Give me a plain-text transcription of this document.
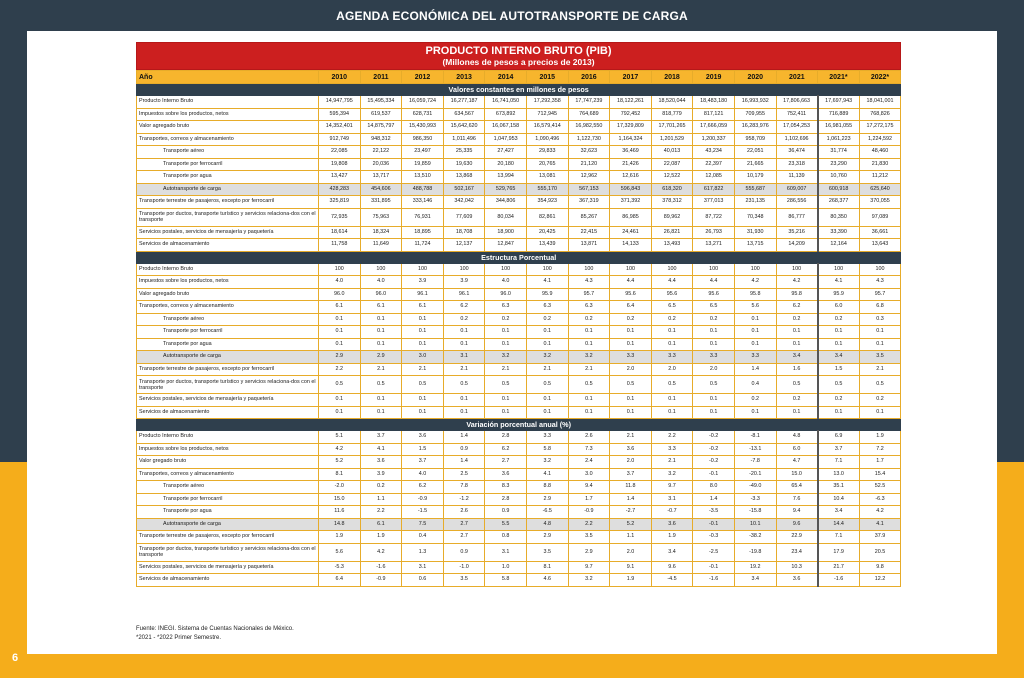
AGENDA ECONÓMICA DEL AUTOTRANSPORTE DE CARGA
PRODUCTO INTERNO BRUTO (PIB)
(Millones de pesos a precios de 2013)
Año	2010	2011	2012	2013	2014	2015	2016	2017	2018	2019	2020	2021	2021*	2022*
Valores constantes en millones de pesos														
Producto Interno Bruto	14,947,795	15,495,334	16,059,724	16,277,187	16,741,050	17,292,358	17,747,239	18,122,261	18,520,044	18,483,180	16,993,932	17,806,663	17,697,943	18,041,001
Impuestos sobre los productos, netos	595,394	619,537	628,731	634,567	673,892	712,945	764,689	792,452	818,779	817,121	709,955	752,411	716,889	768,826
Valor agregado bruto	14,352,401	14,875,797	15,430,993	15,642,620	16,067,158	16,579,414	16,982,550	17,329,809	17,701,265	17,666,059	16,283,976	17,054,253	16,981,055	17,272,175
Transportes, correos y almacenamiento	912,749	948,312	986,350	1,011,496	1,047,953	1,090,496	1,122,730	1,164,324	1,201,529	1,200,337	958,709	1,102,696	1,061,223	1,224,592
Transporte aéreo	22,085	22,122	23,497	25,335	27,427	29,833	32,623	36,469	40,013	43,234	22,051	36,474	31,774	48,460
Transporte por ferrocarril	19,808	20,036	19,859	19,630	20,180	20,765	21,120	21,426	22,087	22,397	21,665	23,318	23,290	21,830
Transporte por agua	13,427	13,717	13,510	13,868	13,994	13,081	12,962	12,616	12,522	12,085	10,179	11,139	10,760	11,212
Autotransporte de carga	428,283	454,606	488,788	502,167	529,765	555,170	567,153	596,843	618,320	617,822	555,687	609,007	600,918	625,640
Transporte terrestre de pasajeros, excepto por ferrocarril	325,819	331,895	333,146	342,042	344,806	354,923	367,319	371,392	378,312	377,013	231,135	286,556	268,377	370,055
Transporte por ductos, transporte turístico y servicios relaciona-dos con el transporte	72,935	75,963	76,931	77,609	80,034	82,861	85,267	86,985	89,962	87,722	70,348	86,777	80,350	97,089
Servicios postales, servicios de mensajería y paquetería	18,614	18,324	18,895	18,708	18,900	20,425	22,415	24,461	26,821	26,793	31,930	35,216	33,390	36,661
Servicios de almacenamiento	11,758	11,649	11,724	12,137	12,847	13,439	13,871	14,133	13,493	13,271	13,715	14,209	12,164	13,643
Estructura Porcentual														
Producto Interno Bruto	100	100	100	100	100	100	100	100	100	100	100	100	100	100
Impuestos sobre los productos, netos	4.0	4.0	3.9	3.9	4.0	4.1	4.3	4.4	4.4	4.4	4.2	4.2	4.1	4.3
Valor agregado bruto	96.0	96.0	96.1	96.1	96.0	95.9	95.7	95.6	95.6	95.6	95.8	95.8	95.9	95.7
Transportes, correos y almacenamiento	6.1	6.1	6.1	6.2	6.3	6.3	6.3	6.4	6.5	6.5	5.6	6.2	6.0	6.8
Transporte aéreo	0.1	0.1	0.1	0.2	0.2	0.2	0.2	0.2	0.2	0.2	0.1	0.2	0.2	0.3
Transporte por ferrocarril	0.1	0.1	0.1	0.1	0.1	0.1	0.1	0.1	0.1	0.1	0.1	0.1	0.1	0.1
Transporte por agua	0.1	0.1	0.1	0.1	0.1	0.1	0.1	0.1	0.1	0.1	0.1	0.1	0.1	0.1
Autotransporte de carga	2.9	2.9	3.0	3.1	3.2	3.2	3.2	3.3	3.3	3.3	3.3	3.4	3.4	3.5
Transporte terrestre de pasajeros, excepto por ferrocarril	2.2	2.1	2.1	2.1	2.1	2.1	2.1	2.0	2.0	2.0	1.4	1.6	1.5	2.1
Transporte por ductos, transporte turístico y servicios relaciona-dos con el transporte	0.5	0.5	0.5	0.5	0.5	0.5	0.5	0.5	0.5	0.5	0.4	0.5	0.5	0.5
Servicios postales, servicios de mensajería y paquetería	0.1	0.1	0.1	0.1	0.1	0.1	0.1	0.1	0.1	0.1	0.2	0.2	0.2	0.2
Servicios de almacenamiento	0.1	0.1	0.1	0.1	0.1	0.1	0.1	0.1	0.1	0.1	0.1	0.1	0.1	0.1
Variación porcentual anual (%)														
Producto Interno Bruto	5.1	3.7	3.6	1.4	2.8	3.3	2.6	2.1	2.2	-0.2	-8.1	4.8	6.9	1.9
Impuestos sobre los productos, netos	4.2	4.1	1.5	0.9	6.2	5.8	7.3	3.6	3.3	-0.2	-13.1	6.0	3.7	7.2
Valor gregado bruto	5.2	3.6	3.7	1.4	2.7	3.2	2.4	2.0	2.1	-0.2	-7.8	4.7	7.1	1.7
Transportes, correos y almacenamiento	8.1	3.9	4.0	2.5	3.6	4.1	3.0	3.7	3.2	-0.1	-20.1	15.0	13.0	15.4
Transporte aéreo	-2.0	0.2	6.2	7.8	8.3	8.8	9.4	11.8	9.7	8.0	-49.0	65.4	35.1	52.5
Transporte por ferrocarril	15.0	1.1	-0.9	-1.2	2.8	2.9	1.7	1.4	3.1	1.4	-3.3	7.6	10.4	-6.3
Transporte por agua	11.6	2.2	-1.5	2.6	0.9	-6.5	-0.9	-2.7	-0.7	-3.5	-15.8	9.4	3.4	4.2
Autotransporte de carga	14.8	6.1	7.5	2.7	5.5	4.8	2.2	5.2	3.6	-0.1	10.1	9.6	14.4	4.1
Transporte terrestre de pasajeros, excepto por ferrocarril	1.9	1.9	0.4	2.7	0.8	2.9	3.5	1.1	1.9	-0.3	-38.2	22.9	7.1	37.9
Transporte por ductos, transporte turístico y servicios relaciona-dos con el transporte	5.6	4.2	1.3	0.9	3.1	3.5	2.9	2.0	3.4	-2.5	-19.8	23.4	17.9	20.5
Servicios postales, servicios de mensajería y paquetería	-5.3	-1.6	3.1	-1.0	1.0	8.1	9.7	9.1	9.6	-0.1	19.2	10.3	21.7	9.8
Servicios de almacenamiento	6.4	-0.9	0.6	3.5	5.8	4.6	3.2	1.9	-4.5	-1.6	3.4	3.6	-1.6	12.2
Fuente: INEGI. Sistema de Cuentas Nacionales de México.
*2021 - *2022 Primer Semestre.
6
